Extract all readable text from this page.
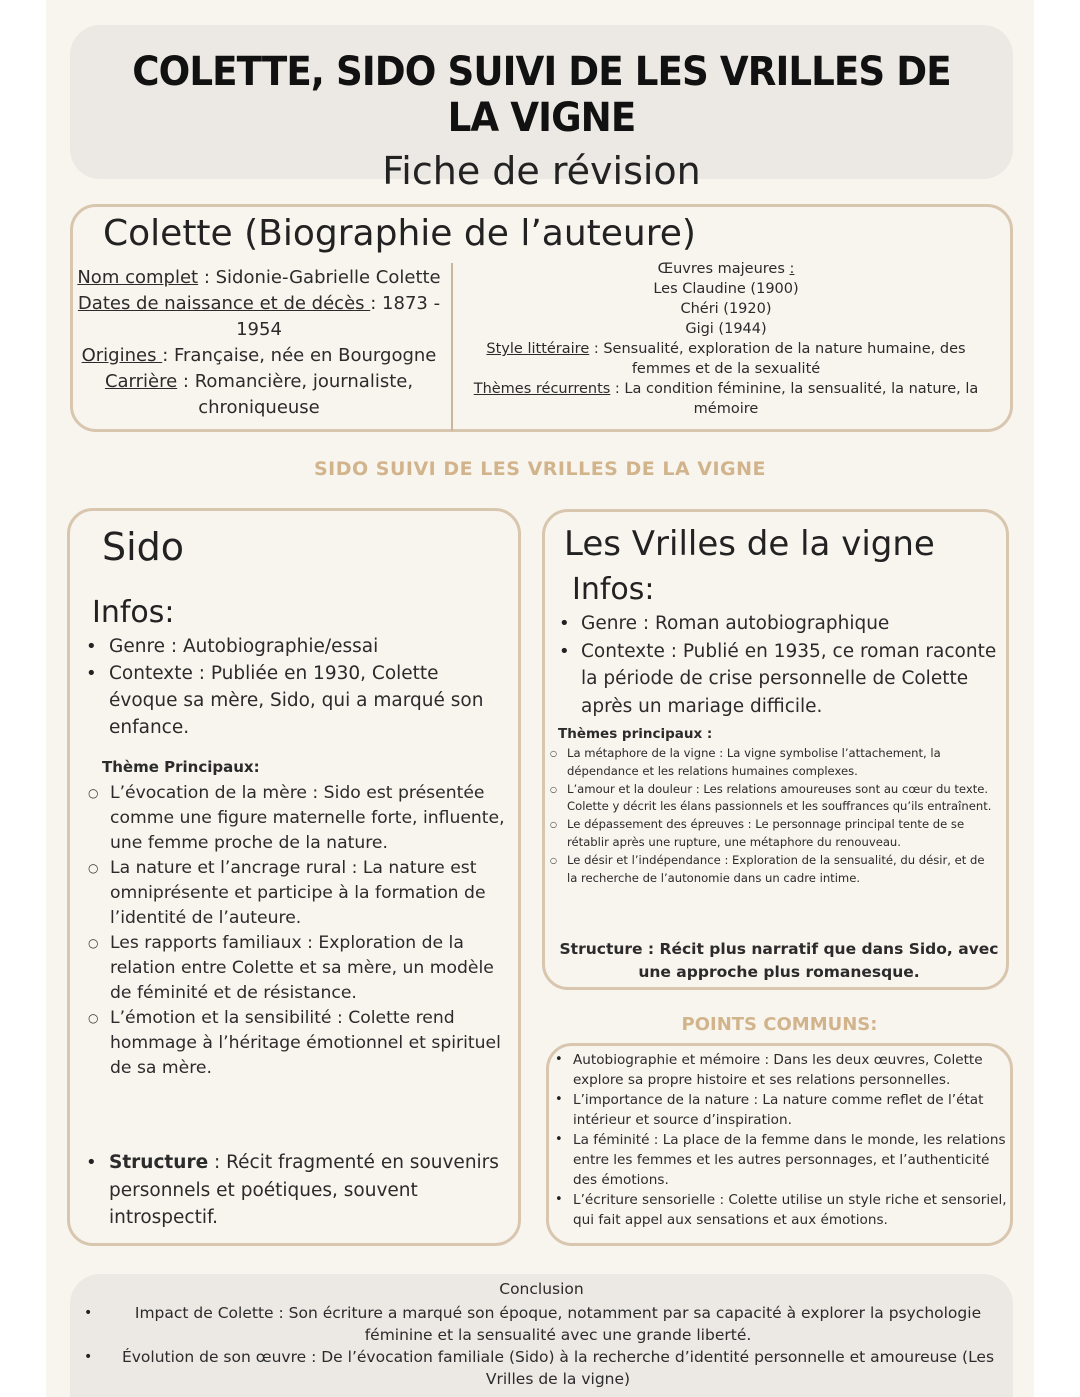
COLETTE, SIDO SUIVI DE LES VRILLES DE LA VIGNE
Fiche de révision
Colette (Biographie de l’auteure)
Nom complet : Sidonie-Gabrielle Colette
Dates de naissance et de décès : 1873 - 1954
Origines : Française, née en Bourgogne
Carrière : Romancière, journaliste, chroniqueuse
Œuvres majeures :
Les Claudine (1900)
Chéri (1920)
Gigi (1944)
Style littéraire : Sensualité, exploration de la nature humaine, des femmes et de la sexualité
Thèmes récurrents : La condition féminine, la sensualité, la nature, la mémoire
SIDO SUIVI DE LES VRILLES DE LA VIGNE
Sido
Infos:
• Genre : Autobiographie/essai
• Contexte : Publiée en 1930, Colette évoque sa mère, Sido, qui a marqué son enfance.
Thème Principaux:
○ L’évocation de la mère : Sido est présentée comme une figure maternelle forte, influente, une femme proche de la nature.
○ La nature et l’ancrage rural : La nature est omniprésente et participe à la formation de l’identité de l’auteure.
○ Les rapports familiaux : Exploration de la relation entre Colette et sa mère, un modèle de féminité et de résistance.
○ L’émotion et la sensibilité : Colette rend hommage à l’héritage émotionnel et spirituel de sa mère.
• Structure : Récit fragmenté en souvenirs personnels et poétiques, souvent introspectif.
Les Vrilles de la vigne
Infos:
• Genre : Roman autobiographique
• Contexte : Publié en 1935, ce roman raconte la période de crise personnelle de Colette après un mariage difficile.
Thèmes principaux :
○ La métaphore de la vigne : La vigne symbolise l’attachement, la dépendance et les relations humaines complexes.
○ L’amour et la douleur : Les relations amoureuses sont au cœur du texte. Colette y décrit les élans passionnels et les souffrances qu’ils entraînent.
○ Le dépassement des épreuves : Le personnage principal tente de se rétablir après une rupture, une métaphore du renouveau.
○ Le désir et l’indépendance : Exploration de la sensualité, du désir, et de la recherche de l’autonomie dans un cadre intime.
Structure : Récit plus narratif que dans Sido, avec une approche plus romanesque.
POINTS COMMUNS:
• Autobiographie et mémoire : Dans les deux œuvres, Colette explore sa propre histoire et ses relations personnelles.
• L’importance de la nature : La nature comme reflet de l’état intérieur et source d’inspiration.
• La féminité : La place de la femme dans le monde, les relations entre les femmes et les autres personnages, et l’authenticité des émotions.
• L’écriture sensorielle : Colette utilise un style riche et sensoriel, qui fait appel aux sensations et aux émotions.
Conclusion
• Impact de Colette : Son écriture a marqué son époque, notamment par sa capacité à explorer la psychologie féminine et la sensualité avec une grande liberté.
• Évolution de son œuvre : De l’évocation familiale (Sido) à la recherche d’identité personnelle et amoureuse (Les Vrilles de la vigne)
